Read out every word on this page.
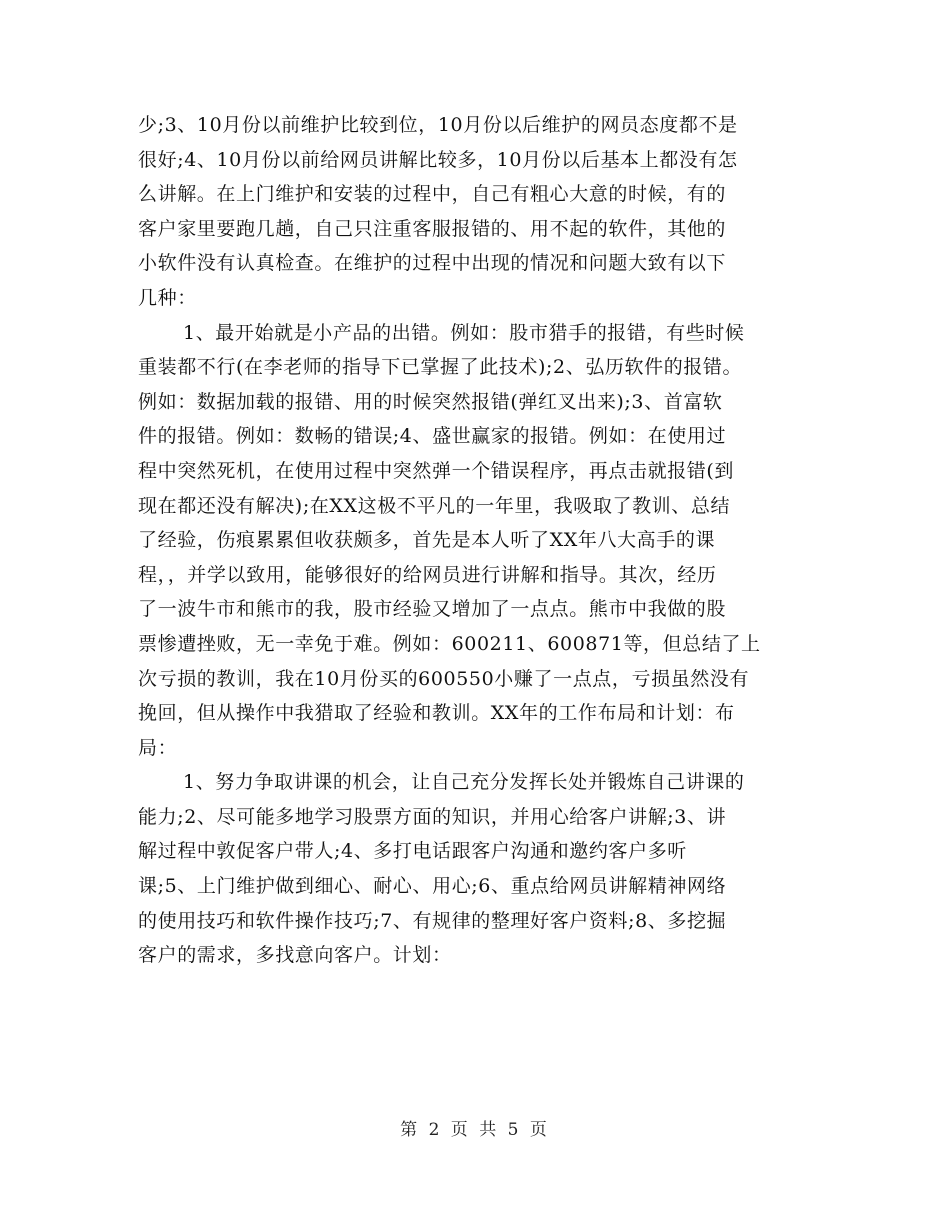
少;3、10月份以前维护比较到位，10月份以后维护的网员态度都不是
很好;4、10月份以前给网员讲解比较多，10月份以后基本上都没有怎
么讲解。在上门维护和安装的过程中，自己有粗心大意的时候，有的
客户家里要跑几趟，自己只注重客服报错的、用不起的软件，其他的
小软件没有认真检查。在维护的过程中出现的情况和问题大致有以下
几种：

1、最开始就是小产品的出错。例如：股市猎手的报错，有些时候
重装都不行(在李老师的指导下已掌握了此技术);2、弘历软件的报错。
例如：数据加载的报错、用的时候突然报错(弹红叉出来);3、首富软
件的报错。例如：数畅的错误;4、盛世赢家的报错。例如：在使用过
程中突然死机，在使用过程中突然弹一个错误程序，再点击就报错(到
现在都还没有解决);在XX这极不平凡的一年里，我吸取了教训、总结
了经验，伤痕累累但收获颇多，首先是本人听了XX年八大高手的课
程，，并学以致用，能够很好的给网员进行讲解和指导。其次，经历
了一波牛市和熊市的我，股市经验又增加了一点点。熊市中我做的股
票惨遭挫败，无一幸免于难。例如：600211、600871等，但总结了上
次亏损的教训，我在10月份买的600550小赚了一点点，亏损虽然没有
挽回，但从操作中我猎取了经验和教训。XX年的工作布局和计划：布
局：

1、努力争取讲课的机会，让自己充分发挥长处并锻炼自己讲课的
能力;2、尽可能多地学习股票方面的知识，并用心给客户讲解;3、讲
解过程中敦促客户带人;4、多打电话跟客户沟通和邀约客户多听
课;5、上门维护做到细心、耐心、用心;6、重点给网员讲解精神网络
的使用技巧和软件操作技巧;7、有规律的整理好客户资料;8、多挖掘
客户的需求，多找意向客户。计划：

第 2 页 共 5 页
